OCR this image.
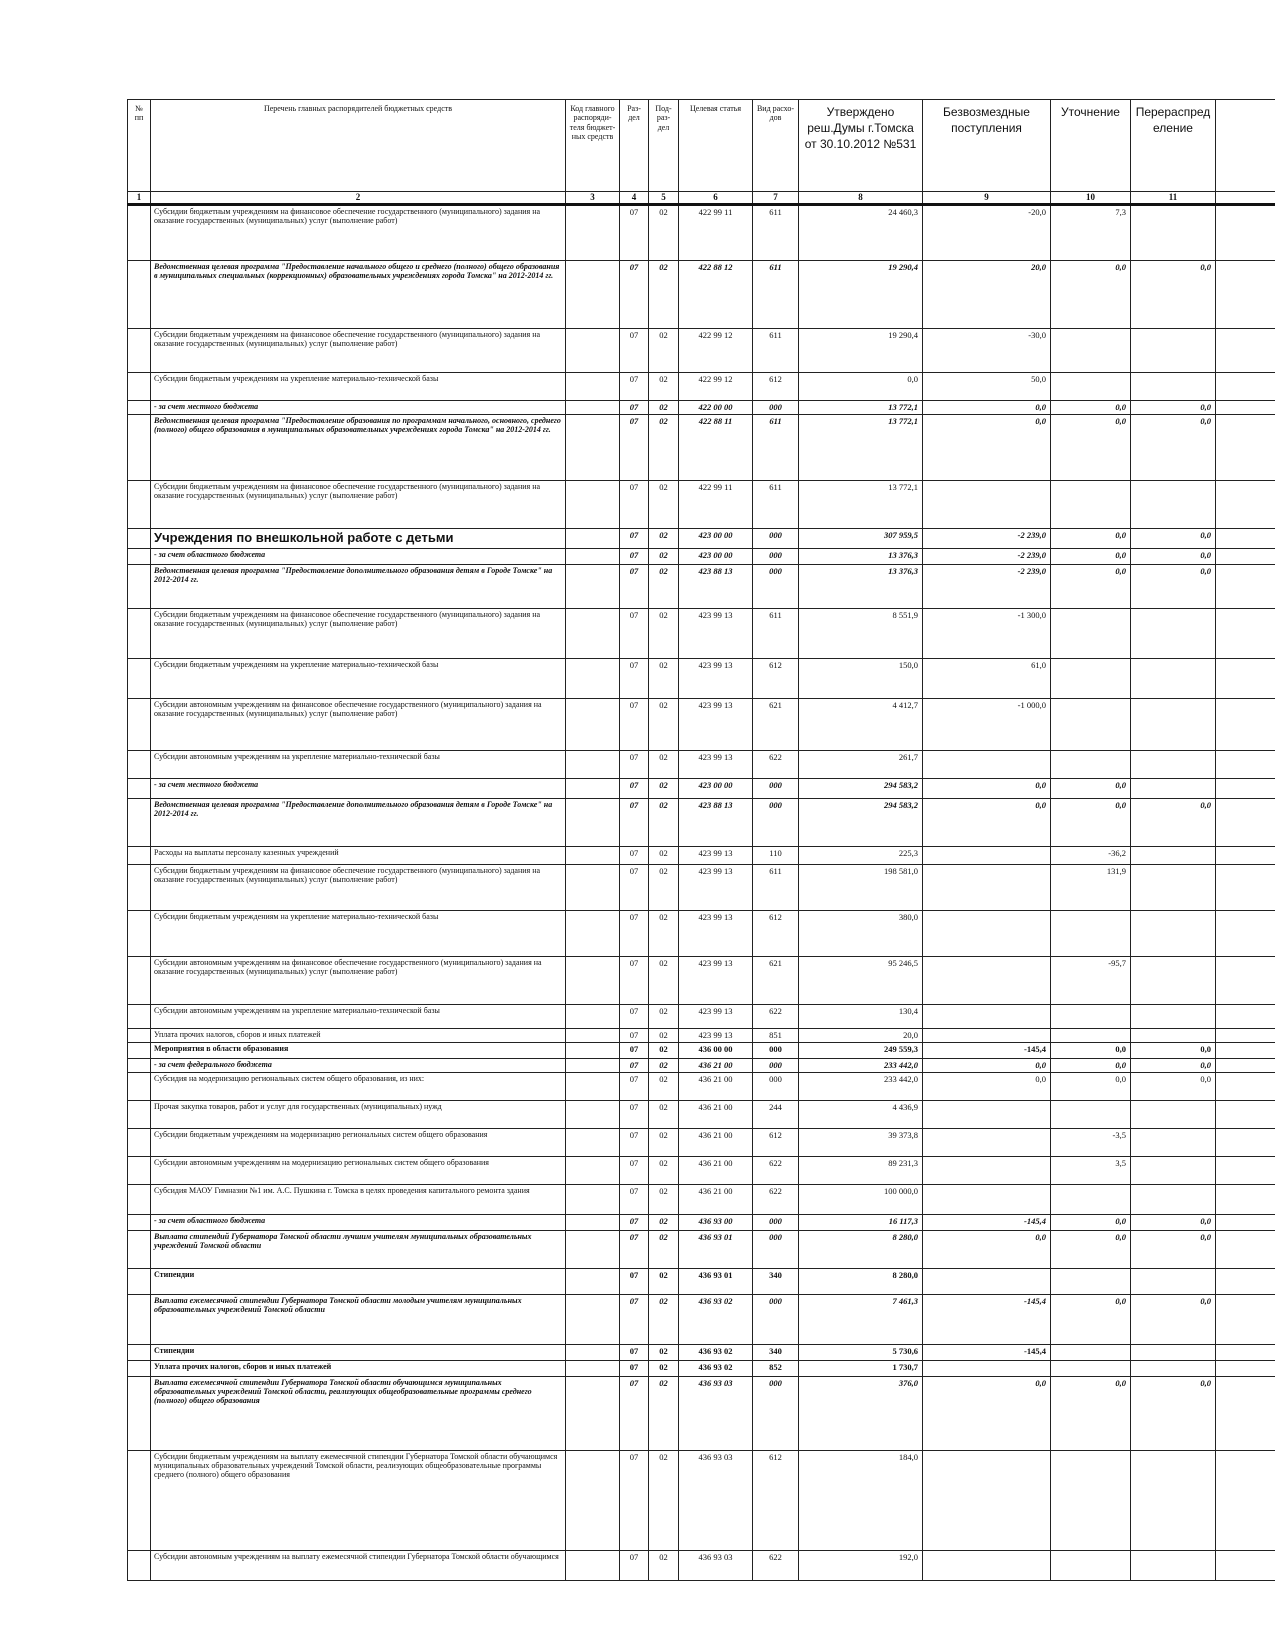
№ пп	Перечень главных распорядителей бюджетных средств	Код главного распоряди-теля бюджет-ных средств	Раз-дел	Под-раз-дел	Целевая статья	Вид расхо-дов	Утверждено реш.Думы г.Томска от 30.10.2012 №531	Безвозмездные поступления	Уточнение	Перераспред еление	
1	2	3	4	5	6	7	8	9	10	11	
	Субсидии бюджетным учреждениям на финансовое обеспечение государственного (муниципального) задания на оказание государственных (муниципальных) услуг (выполнение работ)		07	02	422 99 11	611	24 460,3	-20,0	7,3		
	Ведомственная целевая программа "Предоставление начального общего и среднего (полного) общего образования в муниципальных специальных (коррекционных) образовательных учреждениях города Томска" на 2012-2014 гг.		07	02	422 88 12	611	19 290,4	20,0	0,0	0,0	
	Субсидии бюджетным учреждениям на финансовое обеспечение государственного (муниципального) задания на оказание государственных (муниципальных) услуг (выполнение работ)		07	02	422 99 12	611	19 290,4	-30,0			
	Субсидии бюджетным учреждениям на укрепление материально-технической базы		07	02	422 99 12	612	0,0	50,0			
	- за счет местного бюджета		07	02	422 00 00	000	13 772,1	0,0	0,0	0,0	
	Ведомственная целевая программа "Предоставление образования по программам начального, основного, среднего (полного) общего образования в муниципальных образовательных учреждениях города Томска" на 2012-2014 гг.		07	02	422 88 11	611	13 772,1	0,0	0,0	0,0	
	Субсидии бюджетным учреждениям на финансовое обеспечение государственного (муниципального) задания на оказание государственных (муниципальных) услуг (выполнение работ)		07	02	422 99 11	611	13 772,1				
	Учреждения по внешкольной работе с детьми		07	02	423 00 00	000	307 959,5	-2 239,0	0,0	0,0	
	- за счет областного бюджета		07	02	423 00 00	000	13 376,3	-2 239,0	0,0	0,0	
	Ведомственная целевая программа "Предоставление дополнительного образования детям в Городе Томске" на 2012-2014 гг.		07	02	423 88 13	000	13 376,3	-2 239,0	0,0	0,0	
	Субсидии бюджетным учреждениям на финансовое обеспечение государственного (муниципального) задания на оказание государственных (муниципальных) услуг (выполнение работ)		07	02	423 99 13	611	8 551,9	-1 300,0			
	Субсидии бюджетным учреждениям на укрепление материально-технической базы		07	02	423 99 13	612	150,0	61,0			
	Субсидии автономным учреждениям на финансовое обеспечение государственного (муниципального) задания на оказание государственных (муниципальных) услуг (выполнение работ)		07	02	423 99 13	621	4 412,7	-1 000,0			
	Субсидии автономным учреждениям на укрепление материально-технической базы		07	02	423 99 13	622	261,7				
	- за счет местного бюджета		07	02	423 00 00	000	294 583,2	0,0	0,0		
	Ведомственная целевая программа "Предоставление дополнительного образования детям в Городе Томске" на 2012-2014 гг.		07	02	423 88 13	000	294 583,2	0,0	0,0	0,0	
	Расходы на выплаты персоналу казенных учреждений		07	02	423 99 13	110	225,3		-36,2		
	Субсидии бюджетным учреждениям на финансовое обеспечение государственного (муниципального) задания на оказание государственных (муниципальных) услуг (выполнение работ)		07	02	423 99 13	611	198 581,0		131,9		
	Субсидии бюджетным учреждениям на укрепление материально-технической базы		07	02	423 99 13	612	380,0				
	Субсидии автономным учреждениям на финансовое обеспечение государственного (муниципального) задания на оказание государственных (муниципальных) услуг (выполнение работ)		07	02	423 99 13	621	95 246,5		-95,7		
	Субсидии автономным учреждениям на укрепление материально-технической базы		07	02	423 99 13	622	130,4				
	Уплата прочих налогов, сборов и иных платежей		07	02	423 99 13	851	20,0				
	Мероприятия в области образования		07	02	436 00 00	000	249 559,3	-145,4	0,0	0,0	
	- за счет федерального бюджета		07	02	436 21 00	000	233 442,0	0,0	0,0	0,0	
	Субсидия на модернизацию региональных систем общего образования, из них:		07	02	436 21 00	000	233 442,0	0,0	0,0	0,0	
	Прочая закупка товаров, работ и услуг для государственных (муниципальных) нужд		07	02	436 21 00	244	4 436,9				
	Субсидии бюджетным учреждениям на модернизацию региональных систем общего образования		07	02	436 21 00	612	39 373,8		-3,5		
	Субсидии автономным учреждениям на модернизацию региональных систем общего образования		07	02	436 21 00	622	89 231,3		3,5		
	Субсидия МАОУ Гимназии №1 им. А.С. Пушкина г. Томска в целях проведения капитального ремонта здания		07	02	436 21 00	622	100 000,0				
	- за счет областного бюджета		07	02	436 93 00	000	16 117,3	-145,4	0,0	0,0	
	Выплата стипендий Губернатора Томской области лучшим учителям муниципальных образовательных учреждений Томской области		07	02	436 93 01	000	8 280,0	0,0	0,0	0,0	
	Стипендии		07	02	436 93 01	340	8 280,0				
	Выплата ежемесячной стипендии Губернатора Томской области молодым учителям муниципальных образовательных учреждений Томской области		07	02	436 93 02	000	7 461,3	-145,4	0,0	0,0	
	Стипендии		07	02	436 93 02	340	5 730,6	-145,4			
	Уплата прочих налогов, сборов и иных платежей		07	02	436 93 02	852	1 730,7				
	Выплата ежемесячной стипендии Губернатора Томской области обучающимся муниципальных образовательных учреждений Томской области, реализующих общеобразовательные программы среднего (полного) общего образования		07	02	436 93 03	000	376,0	0,0	0,0	0,0	
	Субсидии бюджетным учреждениям на выплату ежемесячной стипендии Губернатора Томской области обучающимся муниципальных образовательных учреждений Томской области, реализующих общеобразовательные программы среднего (полного) общего образования		07	02	436 93 03	612	184,0				
	Субсидии автономным учреждениям на выплату ежемесячной стипендии Губернатора Томской области обучающимся		07	02	436 93 03	622	192,0				
